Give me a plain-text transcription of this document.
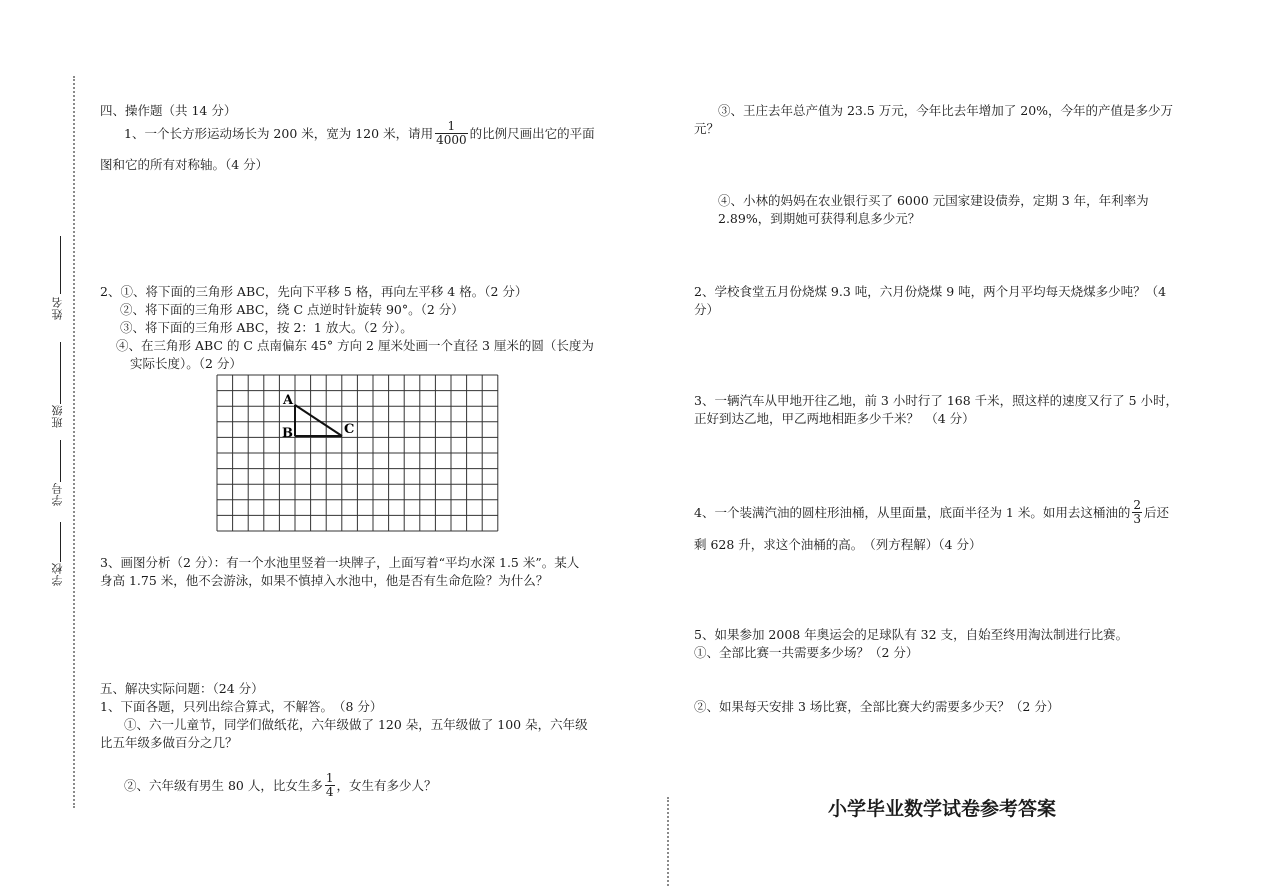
姓名
班级
学号
学校
四、操作题（共 14 分）
1、一个长方形运动场长为 200 米，宽为 120 米，请用 $\frac{1}{4000}$ 的比例尺画出它的平面
图和它的所有对称轴。（4 分）
2、①、将下面的三角形 ABC，先向下平移 5 格，再向左平移 4 格。（2 分）
②、将下面的三角形 ABC，绕 C 点逆时针旋转 90°。（2 分）
③、将下面的三角形 ABC，按 2：1 放大。（2 分）。
④、在三角形 ABC 的 C 点南偏东 45° 方向 2 厘米处画一个直径 3 厘米的圆（长度为
实际长度）。（2 分）
A
B	C
3、画图分析（2 分）：有一个水池里竖着一块牌子，上面写着“平均水深 1.5 米”。某人
身高 1.75 米，他不会游泳，如果不慎掉入水池中，他是否有生命危险？为什么？
五、解决实际问题：（24 分）
1、下面各题，只列出综合算式，不解答。　（8 分）
①、六一儿童节，同学们做纸花，六年级做了 120 朵，五年级做了 100 朵，六年级
比五年级多做百分之几？
②、六年级有男生 80 人，比女生多 $\frac{1}{4}$ ，女生有多少人？
③、王庄去年总产值为 23.5 万元，今年比去年增加了 20%，今年的产值是多少万
元？
④、小林的妈妈在农业银行买了 6000 元国家建设债券，定期 3 年，年利率为
2.89%，到期她可获得利息多少元？
2、学校食堂五月份烧煤 9.3 吨，六月份烧煤 9 吨，两个月平均每天烧煤多少吨？（4
分）
3、一辆汽车从甲地开往乙地，前 3 小时行了 168 千米，照这样的速度又行了 5 小时，
正好到达乙地，甲乙两地相距多少千米？　（4 分）
4、一个装满汽油的圆柱形油桶，从里面量，底面半径为 1 米。如用去这桶油的 $\frac{2}{3}$ 后还
剩 628 升，求这个油桶的高。　（列方程解）（4 分）
5、如果参加 2008 年奥运会的足球队有 32 支，自始至终用淘汰制进行比赛。
①、全部比赛一共需要多少场？（2 分）
②、如果每天安排 3 场比赛，全部比赛大约需要多少天？（2 分）
小学毕业数学试卷参考答案
